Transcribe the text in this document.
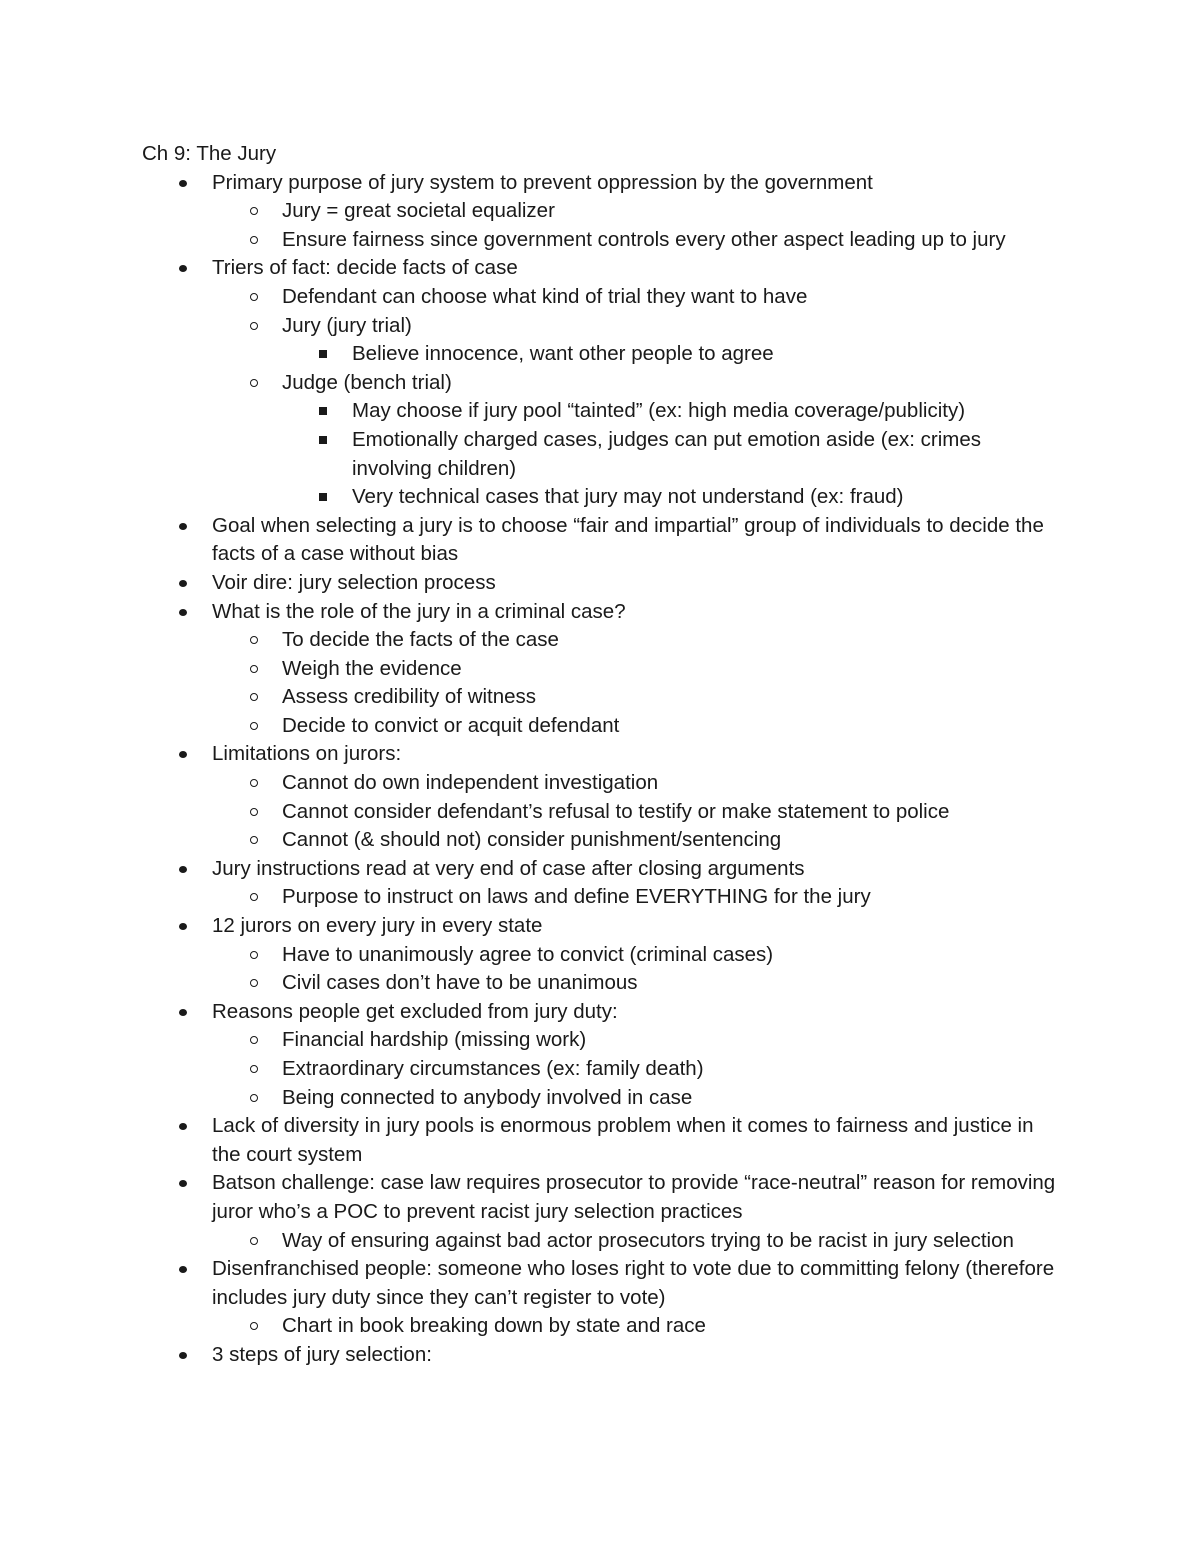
Ch 9: The Jury
Primary purpose of jury system to prevent oppression by the government
Jury = great societal equalizer
Ensure fairness since government controls every other aspect leading up to jury
Triers of fact: decide facts of case
Defendant can choose what kind of trial they want to have
Jury (jury trial)
Believe innocence, want other people to agree
Judge (bench trial)
May choose if jury pool “tainted” (ex: high media coverage/publicity)
Emotionally charged cases, judges can put emotion aside (ex: crimes involving children)
Very technical cases that jury may not understand (ex: fraud)
Goal when selecting a jury is to choose “fair and impartial” group of individuals to decide the facts of a case without bias
Voir dire: jury selection process
What is the role of the jury in a criminal case?
To decide the facts of the case
Weigh the evidence
Assess credibility of witness
Decide to convict or acquit defendant
Limitations on jurors:
Cannot do own independent investigation
Cannot consider defendant’s refusal to testify or make statement to police
Cannot (& should not) consider punishment/sentencing
Jury instructions read at very end of case after closing arguments
Purpose to instruct on laws and define EVERYTHING for the jury
12 jurors on every jury in every state
Have to unanimously agree to convict (criminal cases)
Civil cases don’t have to be unanimous
Reasons people get excluded from jury duty:
Financial hardship (missing work)
Extraordinary circumstances (ex: family death)
Being connected to anybody involved in case
Lack of diversity in jury pools is enormous problem when it comes to fairness and justice in the court system
Batson challenge: case law requires prosecutor to provide “race-neutral” reason for removing juror who’s a POC to prevent racist jury selection practices
Way of ensuring against bad actor prosecutors trying to be racist in jury selection
Disenfranchised people: someone who loses right to vote due to committing felony (therefore includes jury duty since they can’t register to vote)
Chart in book breaking down by state and race
3 steps of jury selection:
